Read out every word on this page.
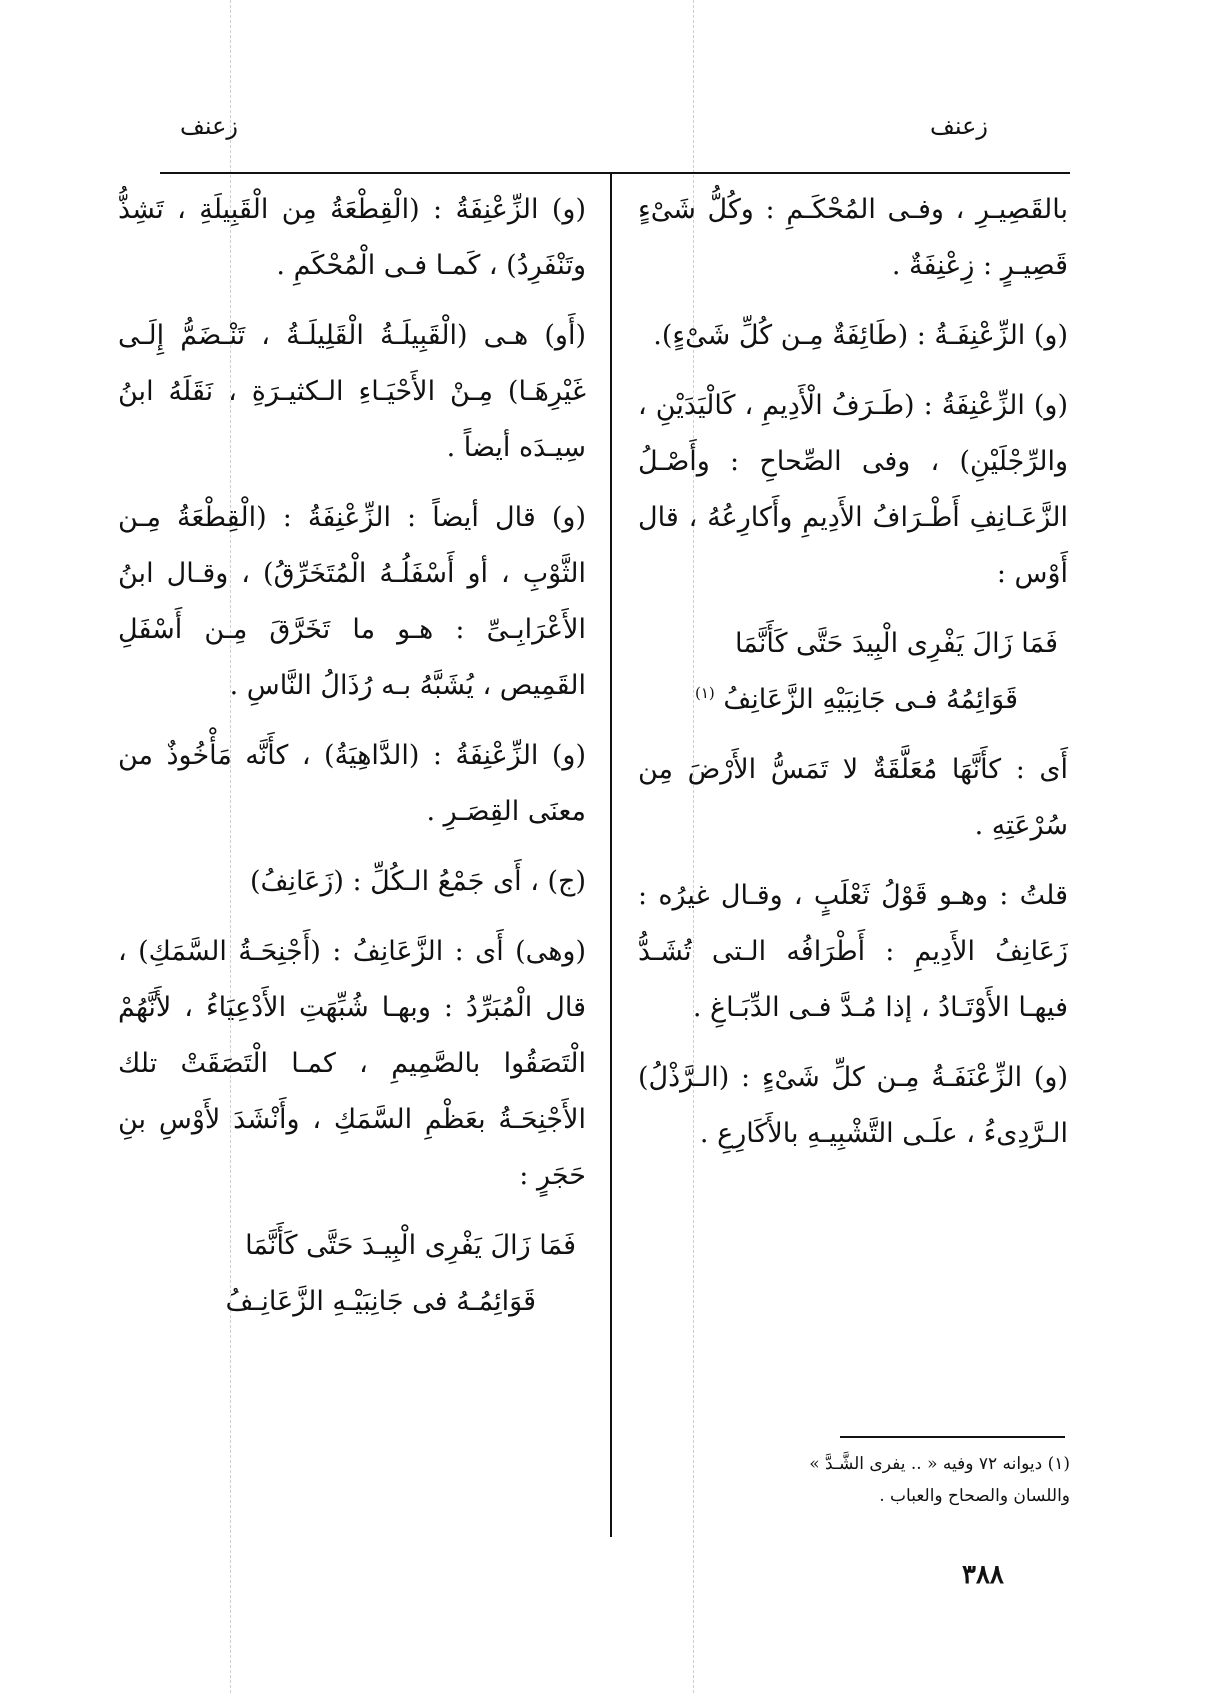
زعنف
زعنف

بالقَصِيـرِ ، وفـى المُحْكَـمِ : وكُلُّ شَىْءٍ قَصِيـرٍ : زِعْنِفَةٌ .

(و) الزِّعْنِفَـةُ : (طَائِفَةٌ مِـن كُلِّ شَىْءٍ).

(و) الزِّعْنِفَةُ : (طَـرَفُ الْأَدِيمِ ، كَالْيَدَيْنِ ، والرِّجْلَيْنِ) ، وفى الصِّحاحِ : وأَصْـلُ الزَّعَـانِفِ أَطْـرَافُ الأَدِيمِ وأَكارِعُهُ ، قال أَوْس :

فَمَا زَالَ يَفْرِى الْبِيدَ حَتَّى كَأَنَّمَا
قَوَائِمُهُ فـى جَانِبَيْهِ الزَّعَانِفُ $^{(١)}$

أَى : كأَنَّهَا مُعَلَّقَةٌ لا تَمَسُّ الأَرْضَ مِن سُرْعَتِهِ .

قلتُ : وهـو قَوْلُ ثَعْلَبٍ ، وقـال غيرُه : زَعَانِفُ الأَدِيمِ : أَطْرَافُه الـتى تُشَـدُّ فيهـا الأَوْتَـادُ ، إذا مُـدَّ فـى الدِّبَـاغِ .

(و) الزِّعْنَفَـةُ مِـن كلِّ شَىْءٍ : (الـرَّذْلُ) الـرَّدِىءُ ، علَـى التَّشْبِيـهِ بالأَكَارِعِ .

(و) الزِّعْنِفَةُ : (الْقِطْعَةُ مِن الْقَبِيلَةِ ، تَشِذُّ وتَنْفَرِدُ) ، كَمـا فـى الْمُحْكَمِ .

(أَو) هـى (الْقَبِيلَـةُ الْقَلِيلَـةُ ، تَنْـضَمُّ إِلَـى غَيْرِهَـا) مِـنْ الأَحْيَـاءِ الـكثيـرَةِ ، نَقَلَهُ ابنُ سِيـدَه أيضاً .

(و) قال أيضاً : الزِّعْنِفَةُ : (الْقِطْعَةُ مِـن الثَّوْبِ ، أو أَسْفَلُـهُ الْمُتَخَرِّقُ) ، وقـال ابنُ الأَعْرَابِـىِّ : هـو ما تَخَرَّقَ مِـن أَسْفَلِ القَمِيص ، يُشَبَّهُ بـه رُذَالُ النَّاسِ .

(و) الزِّعْنِفَةُ : (الدَّاهِيَةُ) ، كأَنَّه مَأْخُوذٌ من معنَى القِصَـرِ .

(ج) ، أَى جَمْعُ الـكُلِّ : (زَعَانِفُ)

(وهى) أَى : الزَّعَانِفُ : (أَجْنِحَـةُ السَّمَكِ) ، قال الْمُبَرِّدُ : وبهـا شُبِّهَتِ الأَدْعِيَاءُ ، لأَنَّهُمْ الْتَصَقُوا بالصَّمِيمِ ، كمـا الْتَصَقَتْ تلك الأَجْنِحَـةُ بعَظْمِ السَّمَكِ ، وأَنْشَدَ لأَوْسِ بنِ حَجَرٍ :

فَمَا زَالَ يَفْرِى الْبِيـدَ حَتَّى كَأَنَّمَا
قَوَائِمُـهُ فى جَانِبَيْـهِ الزَّعَانِـفُ
(١) ديوانه ٧٢ وفيه « .. يفرى الشَّـدَّ »
واللسان والصحاح والعباب .
٣٨٨
